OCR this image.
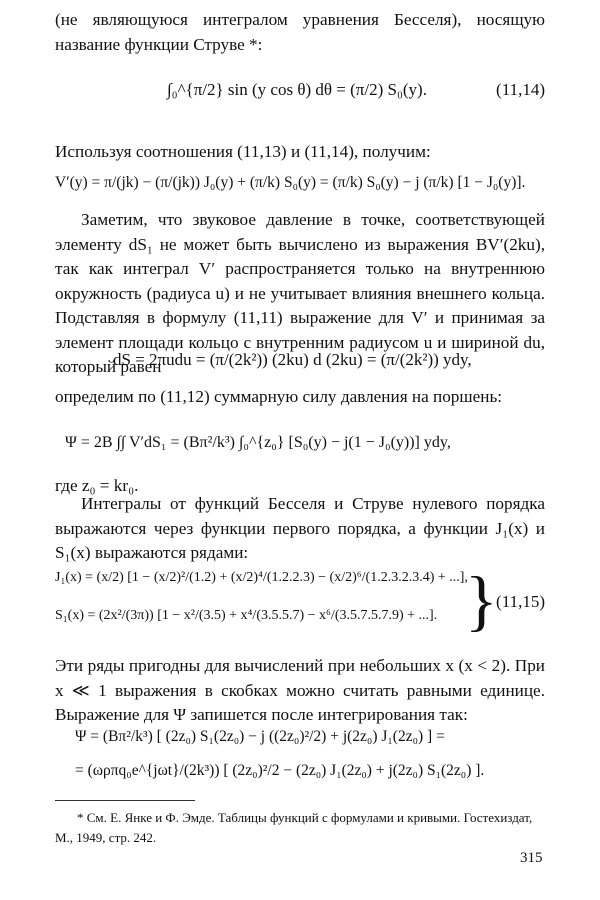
(не являющуюся интегралом уравнения Бесселя), носящую название функции Струве *:

∫₀^{π/2} sin (y cos θ) dθ = (π/2) S₀(y).	(11,14)

Используя соотношения (11,13) и (11,14), получим:

V′(y) = π/(jk) − (π/(jk)) J₀(y) + (π/k) S₀(y) = (π/k) S₀(y) − j (π/k) [1 − J₀(y)].

Заметим, что звуковое давление в точке, соответствующей элементу dS₁ не может быть вычислено из выражения BV′(2ku), так как интеграл V′ распространяется только на внутреннюю окружность (радиуса u) и не учитывает влияния внешнего кольца. Подставляя в формулу (11,11) выражение для V′ и принимая за элемент площади кольцо с внутренним радиусом u и шириной du, который равен

dS = 2πudu = (π/(2k²)) (2ku) d (2ku) = (π/(2k²)) ydy,

определим по (11,12) суммарную силу давления на поршень:

Ψ = 2B ∫∫ V′dS₁ = (Bπ²/k³) ∫₀^{z₀} [S₀(y) − j(1 − J₀(y))] ydy,

где z₀ = kr₀.

Интегралы от функций Бесселя и Струве нулевого порядка выражаются через функции первого порядка, а функции J₁(x) и S₁(x) выражаются рядами:

J₁(x) = (x/2) [1 − (x/2)²/(1.2) + (x/2)⁴/(1.2.2.3) − (x/2)⁶/(1.2.3.2.3.4) + ...],
S₁(x) = (2x²/(3π)) [1 − x²/(3.5) + x⁴/(3.5.5.7) − x⁶/(3.5.7.5.7.9) + ...]. }
(11,15)

Эти ряды пригодны для вычислений при небольших x (x < 2). При x ≪ 1 выражения в скобках можно считать равными единице. Выражение для Ψ запишется после интегрирования так:

Ψ = (Bπ²/k³) [ (2z₀) S₁(2z₀) − j ((2z₀)²/2) + j(2z₀) J₁(2z₀) ] =
= (ωρπq₀e^{jωt}/(2k³)) [ (2z₀)²/2 − (2z₀) J₁(2z₀) + j(2z₀) S₁(2z₀) ].

* См. Е. Янке и Ф. Эмде. Таблицы функций с формулами и кривыми. Гостехиздат, М., 1949, стр. 242.

315
